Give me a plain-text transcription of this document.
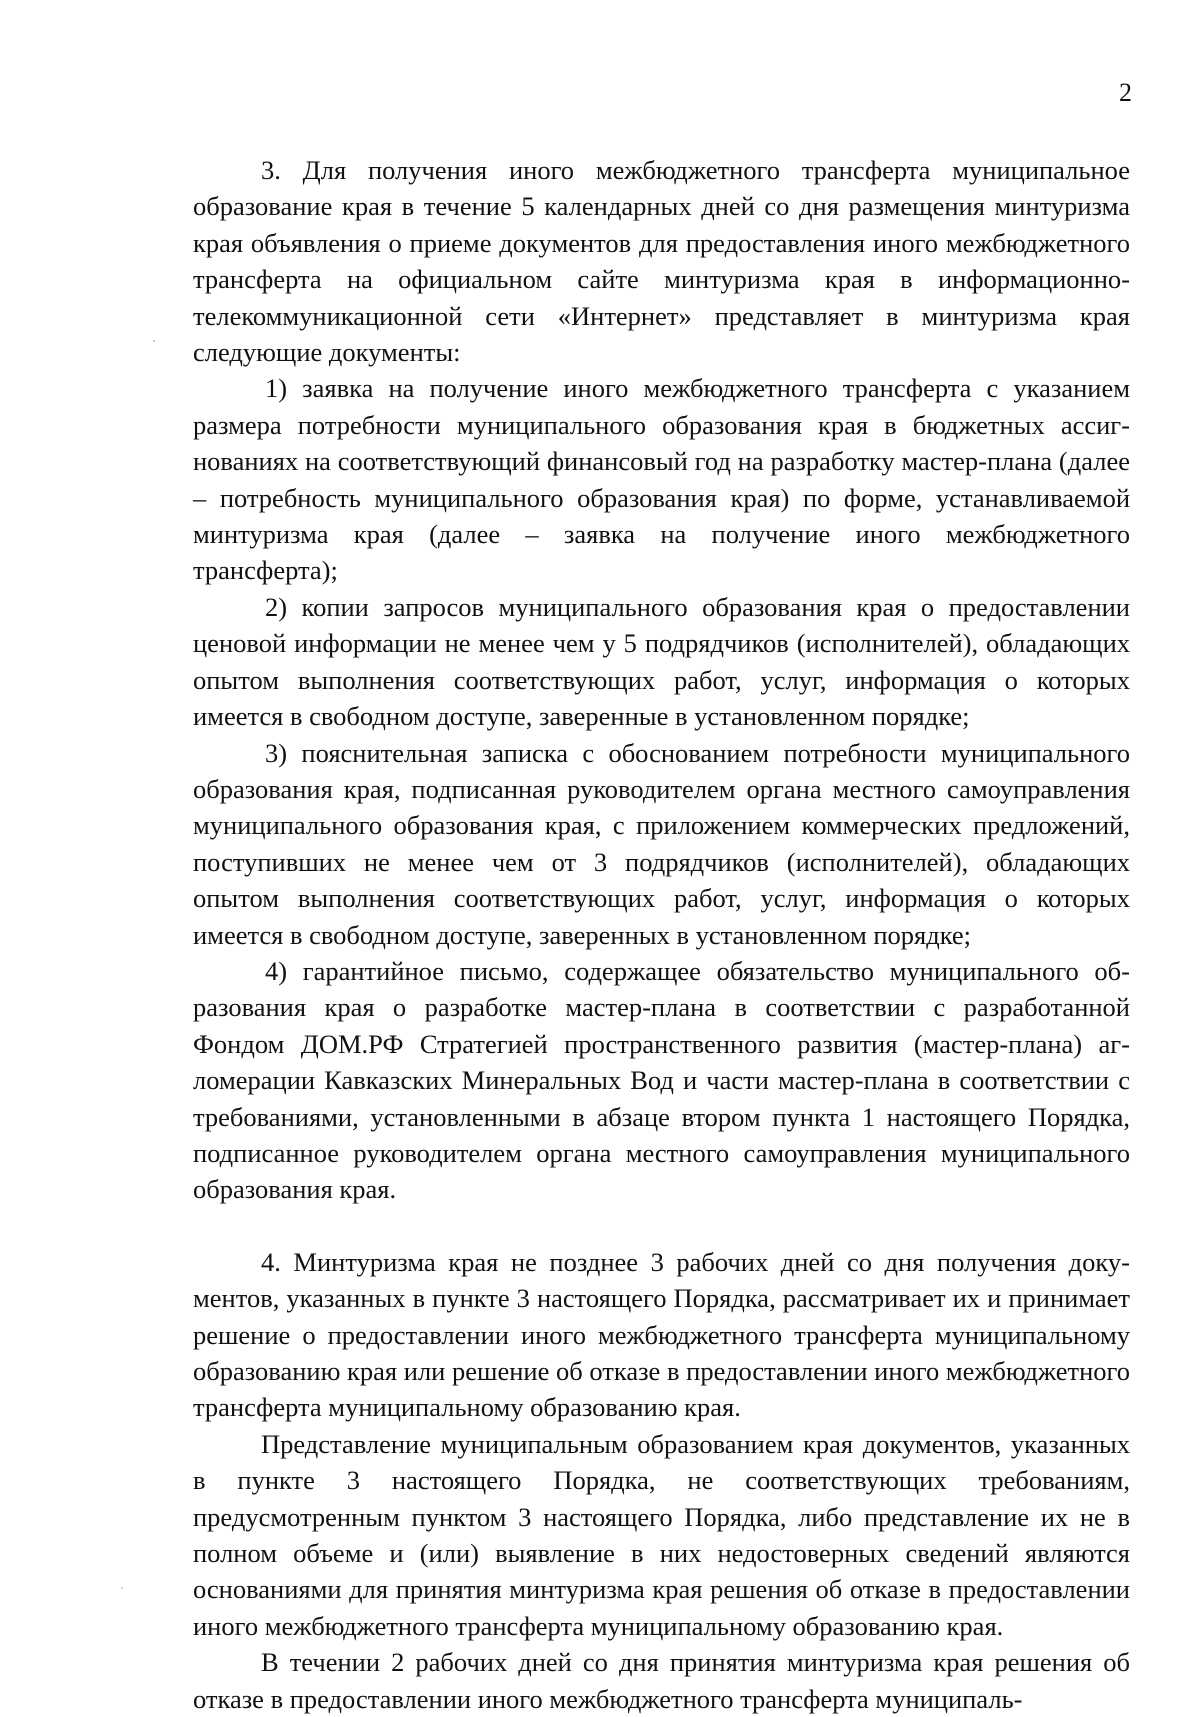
2

3. Для получения иного межбюджетного трансферта муниципальное образование края в течение 5 календарных дней со дня размещения минтуризма края объявления о приеме документов для предоставления иного межбюджетного трансферта на официальном сайте минтуризма края в информационно-телекоммуникационной сети «Интернет» представляет в минтуризма края следующие документы:

1) заявка на получение иного межбюджетного трансферта с указанием размера потребности муниципального образования края в бюджетных ассигнованиях на соответствующий финансовый год на разработку мастер-плана (далее – потребность муниципального образования края) по форме, устанавливаемой минтуризма края (далее – заявка на получение иного межбюджетного трансферта);

2) копии запросов муниципального образования края о предоставлении ценовой информации не менее чем у 5 подрядчиков (исполнителей), обладающих опытом выполнения соответствующих работ, услуг, информация о которых имеется в свободном доступе, заверенные в установленном порядке;

3) пояснительная записка с обоснованием потребности муниципального образования края, подписанная руководителем органа местного самоуправления муниципального образования края, с приложением коммерческих предложений, поступивших не менее чем от 3 подрядчиков (исполнителей), обладающих опытом выполнения соответствующих работ, услуг, информация о которых имеется в свободном доступе, заверенных в установленном порядке;

4) гарантийное письмо, содержащее обязательство муниципального образования края о разработке мастер-плана в соответствии с разработанной Фондом ДОМ.РФ Стратегией пространственного развития (мастер-плана) агломерации Кавказских Минеральных Вод и части мастер-плана в соответствии с требованиями, установленными в абзаце втором пункта 1 настоящего Порядка, подписанное руководителем органа местного самоуправления муниципального образования края.

4. Минтуризма края не позднее 3 рабочих дней со дня получения документов, указанных в пункте 3 настоящего Порядка, рассматривает их и принимает решение о предоставлении иного межбюджетного трансферта муниципальному образованию края или решение об отказе в предоставлении иного межбюджетного трансферта муниципальному образованию края.

Представление муниципальным образованием края документов, указанных в пункте 3 настоящего Порядка, не соответствующих требованиям, предусмотренным пунктом 3 настоящего Порядка, либо представление их не в полном объеме и (или) выявление в них недостоверных сведений являются основаниями для принятия минтуризма края решения об отказе в предоставлении иного межбюджетного трансферта муниципальному образованию края.

В течении 2 рабочих дней со дня принятия минтуризма края решения об отказе в предоставлении иного межбюджетного трансферта муниципаль-
